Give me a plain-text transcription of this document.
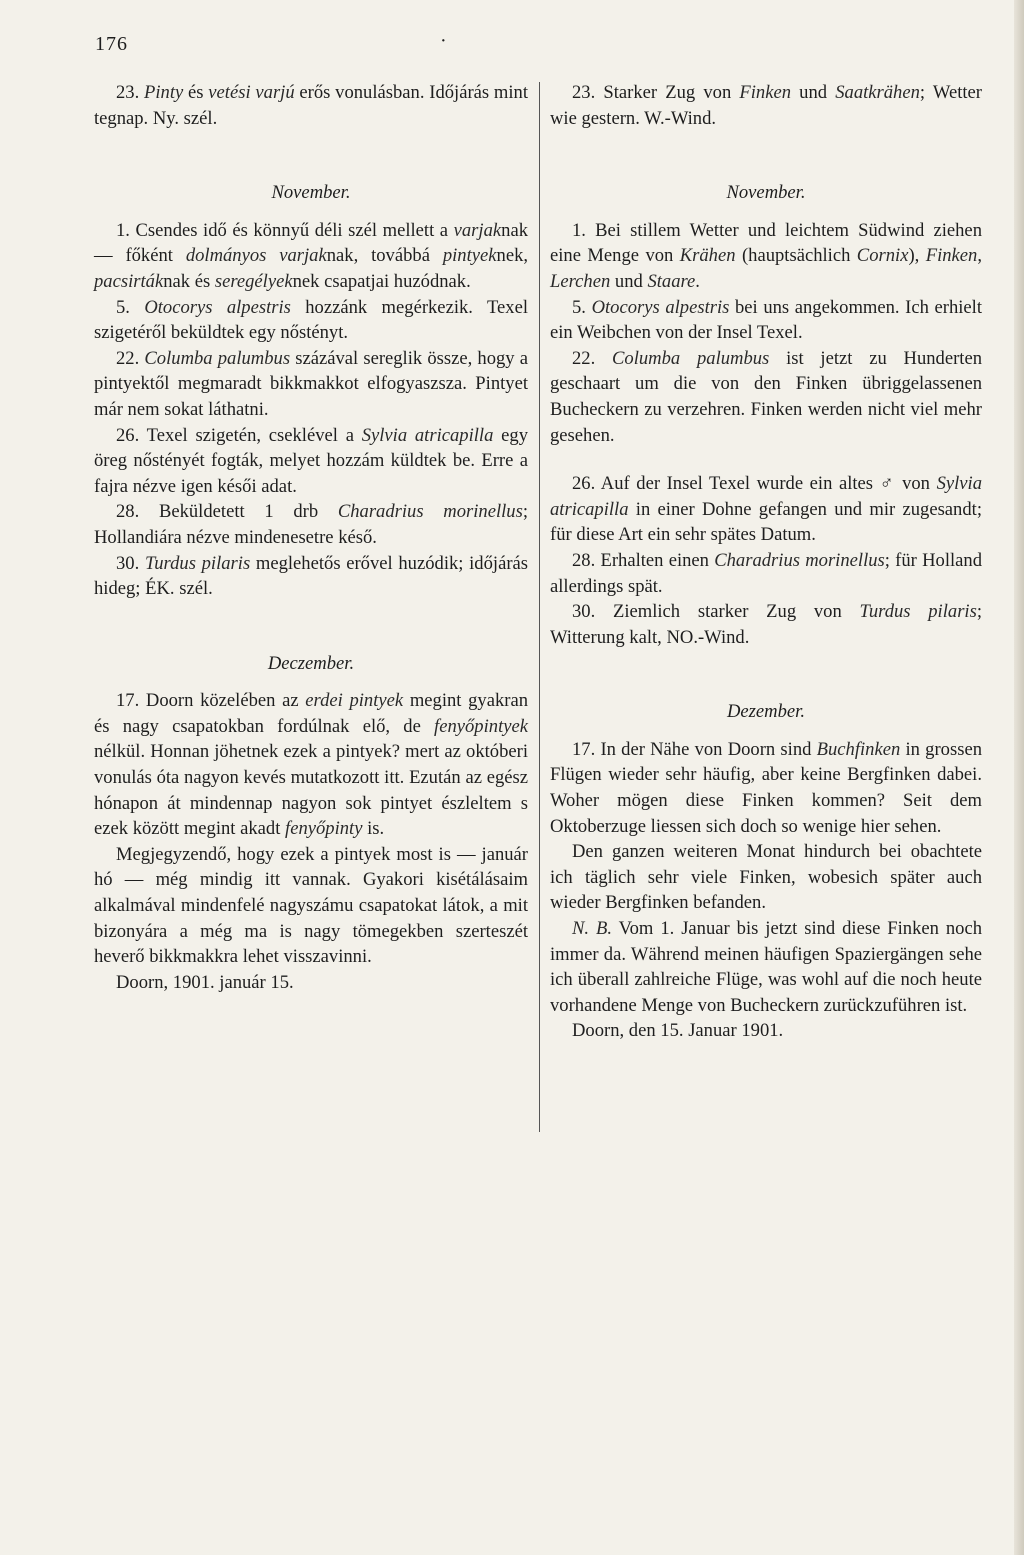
176	·

23. Pinty és vetési varjú erős vonulásban. Időjárás mint tegnap. Ny. szél.

November.

1. Csendes idő és könnyű déli szél mellett a varjaknak — főként dolmányos varjaknak, továbbá pintyeknek, pacsirtáknak és seregélyeknek csapatjai huzódnak.

5. Otocorys alpestris hozzánk megérkezik. Texel szigetéről beküldtek egy nőstényt.

22. Columba palumbus százával sereglik össze, hogy a pintyektől megmaradt bikkmakkot elfogyaszsza. Pintyet már nem sokat láthatni.

26. Texel szigetén, cseklével a Sylvia atricapilla egy öreg nőstényét fogták, melyet hozzám küldtek be. Erre a fajra nézve igen késői adat.

28. Beküldetett 1 drb Charadrius morinellus; Hollandiára nézve mindenesetre késő.

30. Turdus pilaris meglehetős erővel huzódik; időjárás hideg; ÉK. szél.

Deczember.

17. Doorn közelében az erdei pintyek megint gyakran és nagy csapatokban fordúlnak elő, de fenyőpintyek nélkül. Honnan jöhetnek ezek a pintyek? mert az októberi vonulás óta nagyon kevés mutatkozott itt. Ezután az egész hónapon át mindennap nagyon sok pintyet észleltem s ezek között megint akadt fenyőpinty is.

Megjegyzendő, hogy ezek a pintyek most is — január hó — még mindig itt vannak. Gyakori kisétálásaim alkalmával mindenfelé nagyszámu csapatokat látok, a mit bizonyára a még ma is nagy tömegekben szerteszét heverő bikkmakkra lehet visszavinni.

Doorn, 1901. január 15.

23. Starker Zug von Finken und Saatkrähen; Wetter wie gestern. W.-Wind.

November.

1. Bei stillem Wetter und leichtem Südwind ziehen eine Menge von Krähen (hauptsächlich Cornix), Finken, Lerchen und Staare.

5. Otocorys alpestris bei uns angekommen. Ich erhielt ein Weibchen von der Insel Texel.

22. Columba palumbus ist jetzt zu Hunderten geschaart um die von den Finken übriggelassenen Bucheckern zu verzehren. Finken werden nicht viel mehr gesehen.

26. Auf der Insel Texel wurde ein altes ♂ von Sylvia atricapilla in einer Dohne gefangen und mir zugesandt; für diese Art ein sehr spätes Datum.

28. Erhalten einen Charadrius morinellus; für Holland allerdings spät.

30. Ziemlich starker Zug von Turdus pilaris; Witterung kalt, NO.-Wind.

Dezember.

17. In der Nähe von Doorn sind Buchfinken in grossen Flügen wieder sehr häufig, aber keine Bergfinken dabei. Woher mögen diese Finken kommen? Seit dem Oktoberzuge liessen sich doch so wenige hier sehen.

Den ganzen weiteren Monat hindurch bei obachtete ich täglich sehr viele Finken, wobesich später auch wieder Bergfinken befanden.

N. B. Vom 1. Januar bis jetzt sind diese Finken noch immer da. Während meinen häufigen Spaziergängen sehe ich überall zahlreiche Flüge, was wohl auf die noch heute vorhandene Menge von Bucheckern zurückzuführen ist.

Doorn, den 15. Januar 1901.
